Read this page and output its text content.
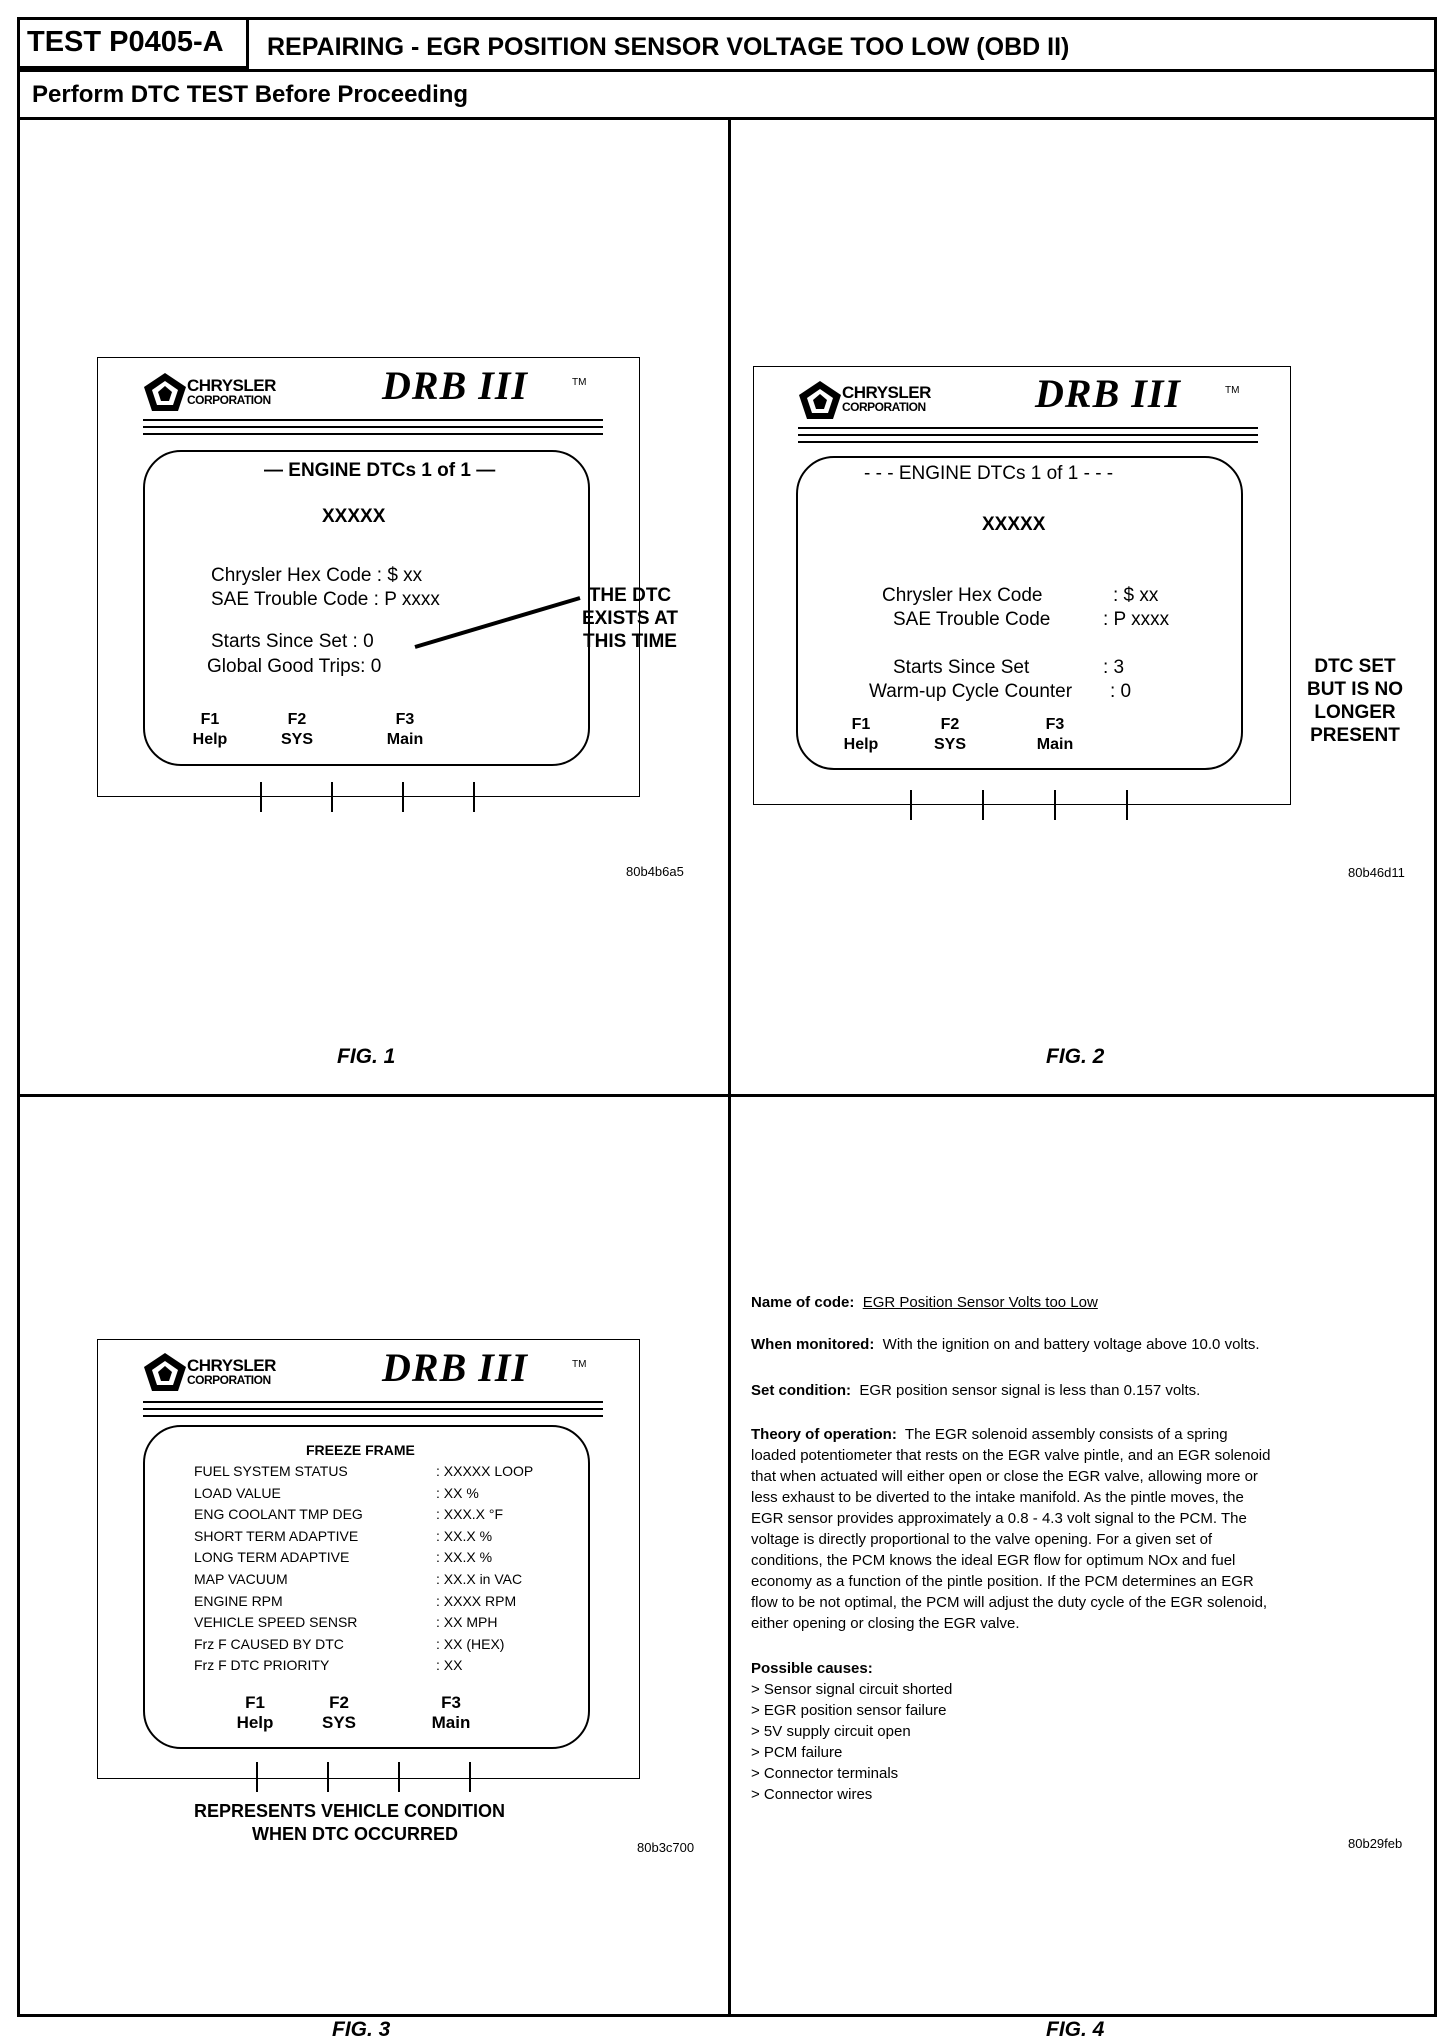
TEST P0405-A REPAIRING - EGR POSITION SENSOR VOLTAGE TOO LOW (OBD II)
Perform DTC TEST Before Proceeding
CHRYSLER
CORPORATION	DRB III	TM
— ENGINE DTCs 1 of 1 —
XXXXX
Chrysler Hex Code : $ xx
SAE Trouble Code : P xxxx
Starts Since Set : 0
Global Good Trips: 0
F1
Help
F2
SYS
F3
Main
THE DTC
EXISTS AT
THIS TIME
80b4b6a5
FIG. 1
CHRYSLER
CORPORATION	DRB III	TM
- - - ENGINE DTCs 1 of 1 - - -
XXXXX
Chrysler Hex Code	: $ xx
SAE Trouble Code	: P xxxx
Starts Since Set	: 3
Warm-up Cycle Counter : 0
F1
Help
F2
SYS
F3
Main
DTC SET
BUT IS NO
LONGER
PRESENT
80b46d11
FIG. 2
CHRYSLER
CORPORATION	DRB III	TM
FREEZE FRAME
FUEL SYSTEM STATUS	: XXXXX LOOP
LOAD VALUE	: XX %
ENG COOLANT TMP DEG	: XXX.X °F
SHORT TERM ADAPTIVE	: XX.X %
LONG TERM ADAPTIVE	: XX.X %
MAP VACUUM	: XX.X in VAC
ENGINE RPM	: XXXX RPM
VEHICLE SPEED SENSR	: XX MPH
Frz F CAUSED BY DTC	: XX (HEX)
Frz F DTC PRIORITY	: XX
F1
Help
F2
SYS
F3
Main
REPRESENTS VEHICLE CONDITION
WHEN DTC OCCURRED
80b3c700
FIG. 3
Name of code: EGR Position Sensor Volts too Low
When monitored: With the ignition on and battery voltage above 10.0 volts.
Set condition: EGR position sensor signal is less than 0.157 volts.
Theory of operation: The EGR solenoid assembly consists of a spring
loaded potentiometer that rests on the EGR valve pintle, and an EGR solenoid
that when actuated will either open or close the EGR valve, allowing more or
less exhaust to be diverted to the intake manifold. As the pintle moves, the
EGR sensor provides approximately a 0.8 - 4.3 volt signal to the PCM. The
voltage is directly proportional to the valve opening. For a given set of
conditions, the PCM knows the ideal EGR flow for optimum NOx and fuel
economy as a function of the pintle position. If the PCM determines an EGR
flow to be not optimal, the PCM will adjust the duty cycle of the EGR solenoid,
either opening or closing the EGR valve.
Possible causes:
> Sensor signal circuit shorted
> EGR position sensor failure
> 5V supply circuit open
> PCM failure
> Connector terminals
> Connector wires
80b29feb
FIG. 4
